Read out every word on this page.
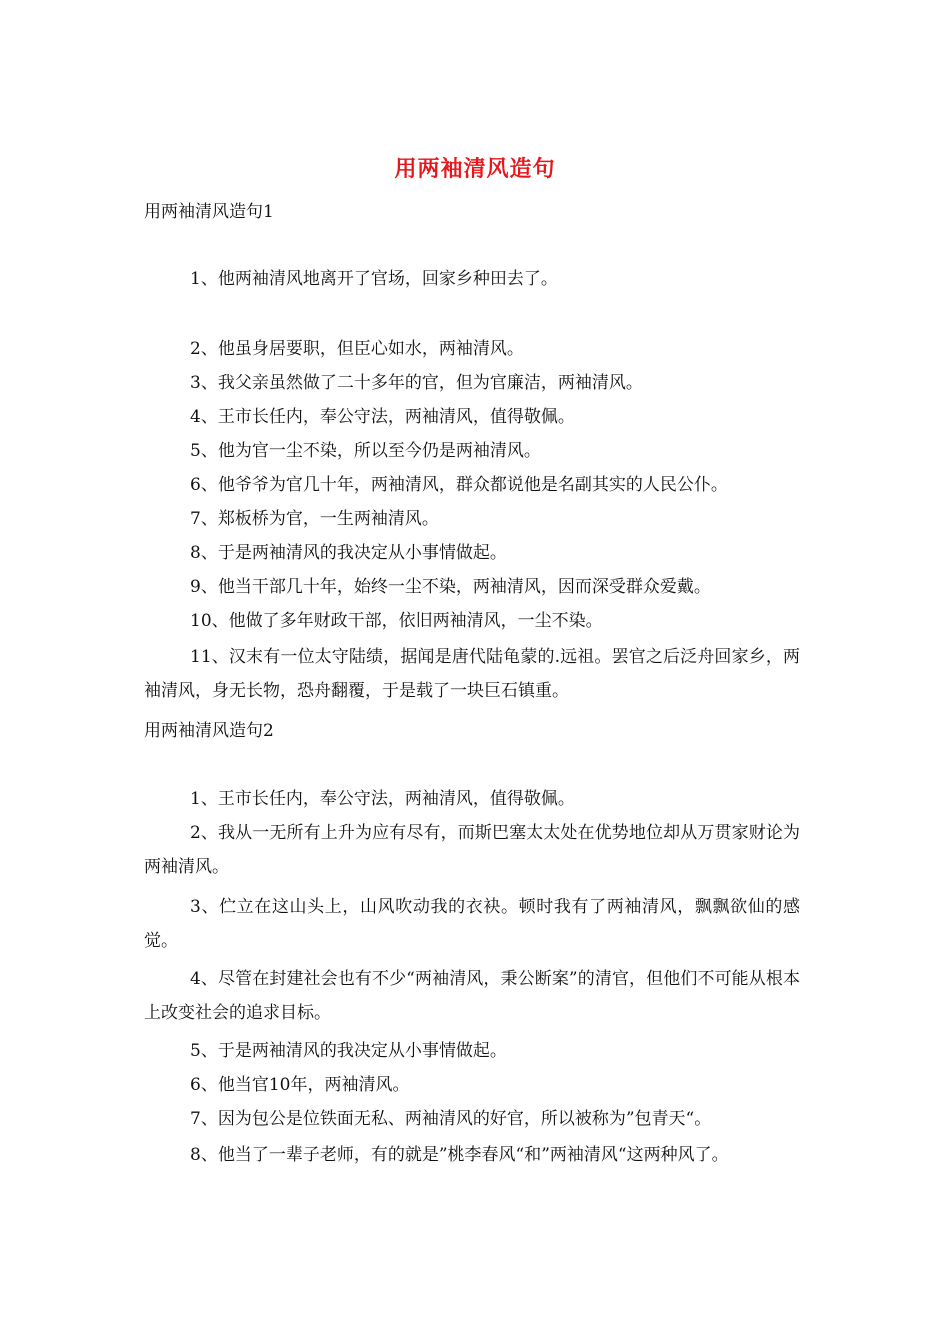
用两袖清风造句
用两袖清风造句1
1、他两袖清风地离开了官场，回家乡种田去了。
2、他虽身居要职，但臣心如水，两袖清风。
3、我父亲虽然做了二十多年的官，但为官廉洁，两袖清风。
4、王市长任内，奉公守法，两袖清风，值得敬佩。
5、他为官一尘不染，所以至今仍是两袖清风。
6、他爷爷为官几十年，两袖清风，群众都说他是名副其实的人民公仆。
7、郑板桥为官，一生两袖清风。
8、于是两袖清风的我决定从小事情做起。
9、他当干部几十年，始终一尘不染，两袖清风，因而深受群众爱戴。
10、他做了多年财政干部，依旧两袖清风，一尘不染。
11、汉末有一位太守陆绩，据闻是唐代陆龟蒙的.远祖。罢官之后泛舟回家乡，两袖清风，身无长物，恐舟翻覆，于是载了一块巨石镇重。
用两袖清风造句2
1、王市长任内，奉公守法，两袖清风，值得敬佩。
2、我从一无所有上升为应有尽有，而斯巴塞太太处在优势地位却从万贯家财论为两袖清风。
3、伫立在这山头上，山风吹动我的衣袂。顿时我有了两袖清风，飘飘欲仙的感觉。
4、尽管在封建社会也有不少“两袖清风，秉公断案”的清官，但他们不可能从根本上改变社会的追求目标。
5、于是两袖清风的我决定从小事情做起。
6、他当官10年，两袖清风。
7、因为包公是位铁面无私、两袖清风的好官，所以被称为”包青天“。
8、他当了一辈子老师，有的就是”桃李春风“和”两袖清风“这两种风了。
